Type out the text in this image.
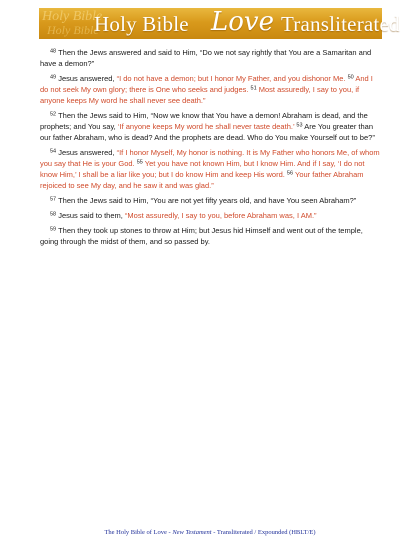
Holy Bible
Holy Bible
Holy Bible Love Transliterated

$^{48}$ Then the Jews answered and said to Him, “Do we not say rightly that You are a Samaritan and have a demon?”

$^{49}$ Jesus answered, “I do not have a demon; but I honor My Father, and you dishonor Me. $^{50}$ And I do not seek My own glory; there is One who seeks and judges. $^{51}$ Most assuredly, I say to you, if anyone keeps My word he shall never see death.”

$^{52}$ Then the Jews said to Him, “Now we know that You have a demon! Abraham is dead, and the prophets; and You say, ‘If anyone keeps My word he shall never taste death.’ $^{53}$ Are You greater than our father Abraham, who is dead? And the prophets are dead. Who do You make Yourself out to be?”

$^{54}$ Jesus answered, “If I honor Myself, My honor is nothing. It is My Father who honors Me, of whom you say that He is your God. $^{55}$ Yet you have not known Him, but I know Him. And if I say, ‘I do not know Him,’ I shall be a liar like you; but I do know Him and keep His word. $^{56}$ Your father Abraham rejoiced to see My day, and he saw it and was glad.”

$^{57}$ Then the Jews said to Him, “You are not yet fifty years old, and have You seen Abraham?”

$^{58}$ Jesus said to them, “Most assuredly, I say to you, before Abraham was, I AM.”

$^{59}$ Then they took up stones to throw at Him; but Jesus hid Himself and went out of the temple, going through the midst of them, and so passed by.

The Holy Bible of Love - New Testament - Transliterated / Expounded (HBLT/E)
